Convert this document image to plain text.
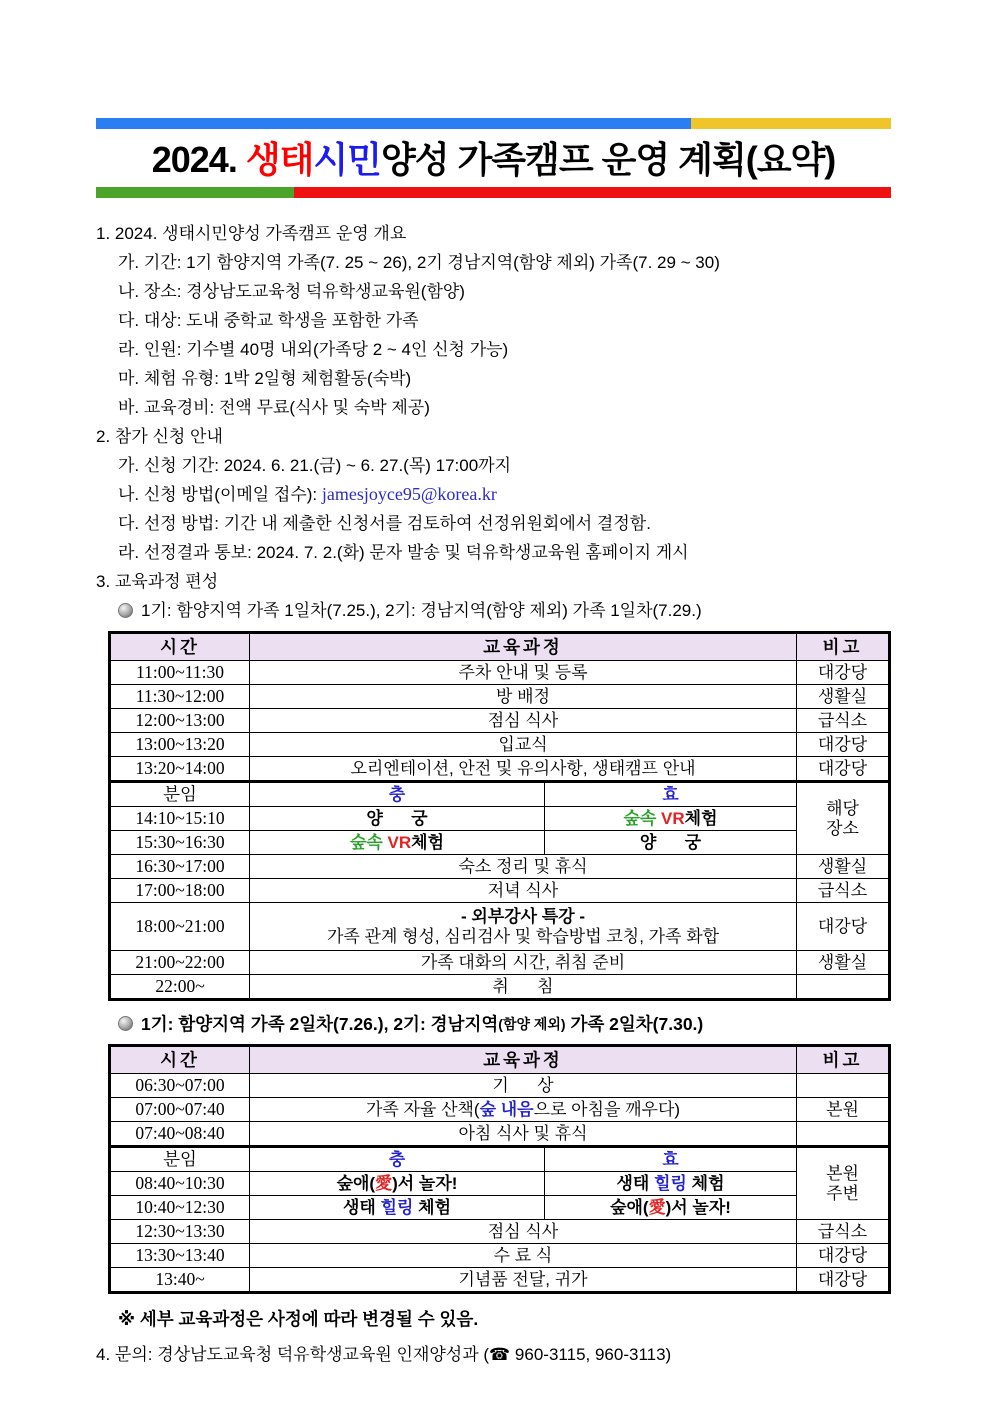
2024. 생태시민양성 가족캠프 운영 계획(요약)

1. 2024. 생태시민양성 가족캠프 운영 개요

가. 기간: 1기 함양지역 가족(7. 25 ~ 26), 2기 경남지역(함양 제외) 가족(7. 29 ~ 30)

나. 장소: 경상남도교육청 덕유학생교육원(함양)

다. 대상: 도내 중학교 학생을 포함한 가족

라. 인원: 기수별 40명 내외(가족당 2 ~ 4인 신청 가능)

마. 체험 유형: 1박 2일형 체험활동(숙박)

바. 교육경비: 전액 무료(식사 및 숙박 제공)

2. 참가 신청 안내

가. 신청 기간: 2024. 6. 21.(금) ~ 6. 27.(목) 17:00까지

나. 신청 방법(이메일 접수): jamesjoyce95@korea.kr

다. 선정 방법: 기간 내 제출한 신청서를 검토하여 선정위원회에서 결정함.

라. 선정결과 통보: 2024. 7. 2.(화) 문자 발송 및 덕유학생교육원 홈페이지 게시

3. 교육과정 편성

1기: 함양지역 가족 1일차(7.25.), 2기: 경남지역(함양 제외) 가족 1일차(7.29.)

시간	교육과정		비고
11:00~11:30	주차 안내 및 등록		대강당
11:30~12:00	방 배정		생활실
12:00~13:00	점심 식사		급식소
13:00~13:20	입교식		대강당
13:20~14:00	오리엔테이션, 안전 및 유의사항, 생태캠프 안내		대강당
분임	충	효	해당
장소
14:10~15:10	양      궁	숲속 VR체험	
15:30~16:30	숲속 VR체험	양      궁	
16:30~17:00	숙소 정리 및 휴식		생활실
17:00~18:00	저녁 식사		급식소
18:00~21:00	- 외부강사 특강 -
가족 관계 형성, 심리검사 및 학습방법 코칭, 가족 화합		대강당
21:00~22:00	가족 대화의 시간, 취침 준비		생활실
22:00~	취      침		

1기: 함양지역 가족 2일차(7.26.), 2기: 경남지역 (함양 제외) 가족 2일차(7.30.)

시간	교육과정		비고
06:30~07:00	기      상		
07:00~07:40	가족 자율 산책(숲 내음으로 아침을 깨우다)		본원
07:40~08:40	아침 식사 및 휴식		
분임	충	효	본원
주변
08:40~10:30	숲애(愛)서 놀자!	생태 힐링 체험	
10:40~12:30	생태 힐링 체험	숲애(愛)서 놀자!	
12:30~13:30	점심 식사		급식소
13:30~13:40	수 료 식		대강당
13:40~	기념품 전달, 귀가		대강당

※ 세부 교육과정은 사정에 따라 변경될 수 있음.

4. 문의: 경상남도교육청 덕유학생교육원 인재양성과 (☎ 960-3115, 960-3113)
